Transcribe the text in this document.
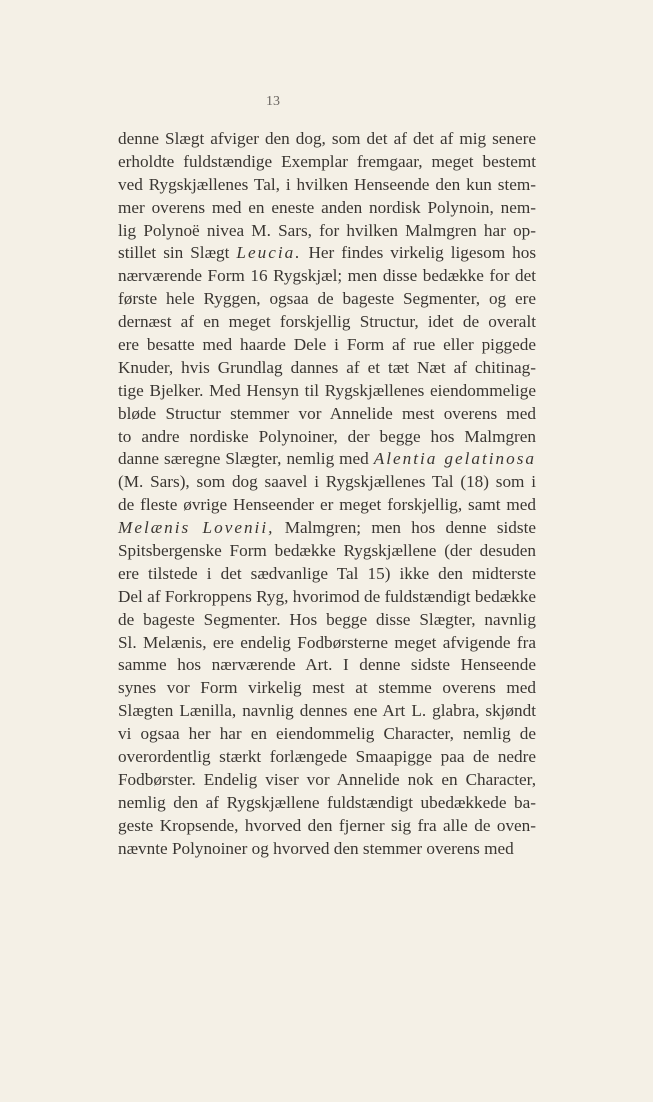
13
denne Slægt afviger den dog, som det af det af mig senere
erholdte fuldstændige Exemplar fremgaar, meget bestemt
ved Rygskjællenes Tal, i hvilken Henseende den kun stem-
mer overens med en eneste anden nordisk Polynoin, nem-
lig Polynoë nivea M. Sars, for hvilken Malmgren har op-
stillet sin Slægt Leucia. Her findes virkelig ligesom hos
nærværende Form 16 Rygskjæl; men disse bedække for det
første hele Ryggen, ogsaa de bageste Segmenter, og ere
dernæst af en meget forskjellig Structur, idet de overalt
ere besatte med haarde Dele i Form af rue eller piggede
Knuder, hvis Grundlag dannes af et tæt Næt af chitinag-
tige Bjelker. Med Hensyn til Rygskjællenes eiendommelige
bløde Structur stemmer vor Annelide mest overens med
to andre nordiske Polynoiner, der begge hos Malmgren
danne særegne Slægter, nemlig med Alentia gelatinosa
(M. Sars), som dog saavel i Rygskjællenes Tal (18) som i
de fleste øvrige Henseender er meget forskjellig, samt med
Melænis Lovenii, Malmgren; men hos denne sidste
Spitsbergenske Form bedække Rygskjællene (der desuden
ere tilstede i det sædvanlige Tal 15) ikke den midterste
Del af Forkroppens Ryg, hvorimod de fuldstændigt bedække
de bageste Segmenter. Hos begge disse Slægter, navnlig
Sl. Melænis, ere endelig Fodbørsterne meget afvigende fra
samme hos nærværende Art. I denne sidste Henseende
synes vor Form virkelig mest at stemme overens med
Slægten Lænilla, navnlig dennes ene Art L. glabra, skjøndt
vi ogsaa her har en eiendommelig Character, nemlig de
overordentlig stærkt forlængede Smaapigge paa de nedre
Fodbørster. Endelig viser vor Annelide nok en Character,
nemlig den af Rygskjællene fuldstændigt ubedækkede ba-
geste Kropsende, hvorved den fjerner sig fra alle de oven-
nævnte Polynoiner og hvorved den stemmer overens med
